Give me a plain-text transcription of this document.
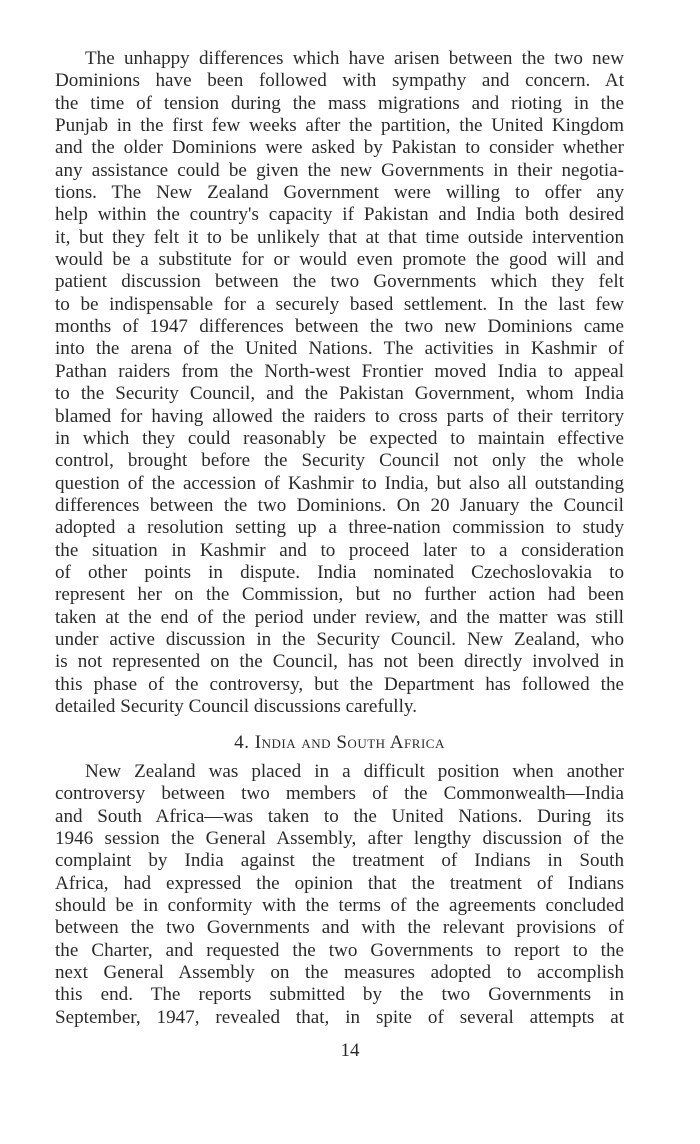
The unhappy differences which have arisen between the two new
Dominions have been followed with sympathy and concern. At
the time of tension during the mass migrations and rioting in the
Punjab in the first few weeks after the partition, the United Kingdom
and the older Dominions were asked by Pakistan to consider whether
any assistance could be given the new Governments in their negotia-
tions. The New Zealand Government were willing to offer any
help within the country's capacity if Pakistan and India both desired
it, but they felt it to be unlikely that at that time outside intervention
would be a substitute for or would even promote the good will and
patient discussion between the two Governments which they felt
to be indispensable for a securely based settlement. In the last few
months of 1947 differences between the two new Dominions came
into the arena of the United Nations. The activities in Kashmir of
Pathan raiders from the North-west Frontier moved India to appeal
to the Security Council, and the Pakistan Government, whom India
blamed for having allowed the raiders to cross parts of their territory
in which they could reasonably be expected to maintain effective
control, brought before the Security Council not only the whole
question of the accession of Kashmir to India, but also all outstanding
differences between the two Dominions. On 20 January the Council
adopted a resolution setting up a three-nation commission to study
the situation in Kashmir and to proceed later to a consideration
of other points in dispute. India nominated Czechoslovakia to
represent her on the Commission, but no further action had been
taken at the end of the period under review, and the matter was still
under active discussion in the Security Council. New Zealand, who
is not represented on the Council, has not been directly involved in
this phase of the controversy, but the Department has followed the
detailed Security Council discussions carefully.
4. India and South Africa
New Zealand was placed in a difficult position when another
controversy between two members of the Commonwealth—India
and South Africa—was taken to the United Nations. During its
1946 session the General Assembly, after lengthy discussion of the
complaint by India against the treatment of Indians in South
Africa, had expressed the opinion that the treatment of Indians
should be in conformity with the terms of the agreements concluded
between the two Governments and with the relevant provisions of
the Charter, and requested the two Governments to report to the
next General Assembly on the measures adopted to accomplish
this end. The reports submitted by the two Governments in
September, 1947, revealed that, in spite of several attempts at
14
